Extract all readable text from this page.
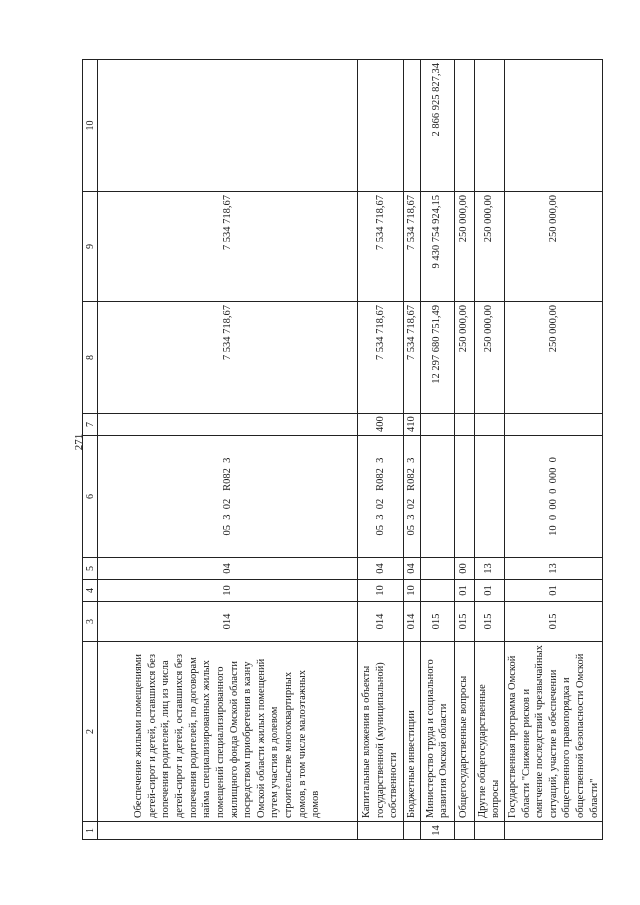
271
1	2	3	4	5	6	7	8	9	10
	Обеспечение жилыми помещениями детей-сирот и детей, оставшихся без попечения родителей, лиц из числа детей-сирот и детей, оставшихся без попечения родителей, по договорам найма специализированных жилых помещений специализированного жилищного фонда Омской области посредством приобретения в казну Омской области жилых помещений путем участия в долевом строительстве многоквартирных домов, в том числе малоэтажных домов	014	10	04	05  3  02   R082  3		7 534 718,67	7 534 718,67	
	Капитальные вложения в объекты государственной (муниципальной) собственности	014	10	04	05  3  02   R082  3	400	7 534 718,67	7 534 718,67	
	Бюджетные инвестиции	014	10	04	05  3  02   R082  3	410	7 534 718,67	7 534 718,67	
14	Министерство труда и социального развития Омской области	015					12 297 680 751,49	9 430 754 924,15	2 866 925 827,34
	Общегосударственные вопросы	015	01	00			250 000,00	250 000,00	
	Другие общегосударственные вопросы	015	01	13			250 000,00	250 000,00	
	Государственная программа Омской области "Снижение рисков и смягчение последствий чрезвычайных ситуаций, участие в обеспечении общественного правопорядка и общественной безопасности Омской области"	015	01	13	10  0  00  0  000  0		250 000,00	250 000,00	
